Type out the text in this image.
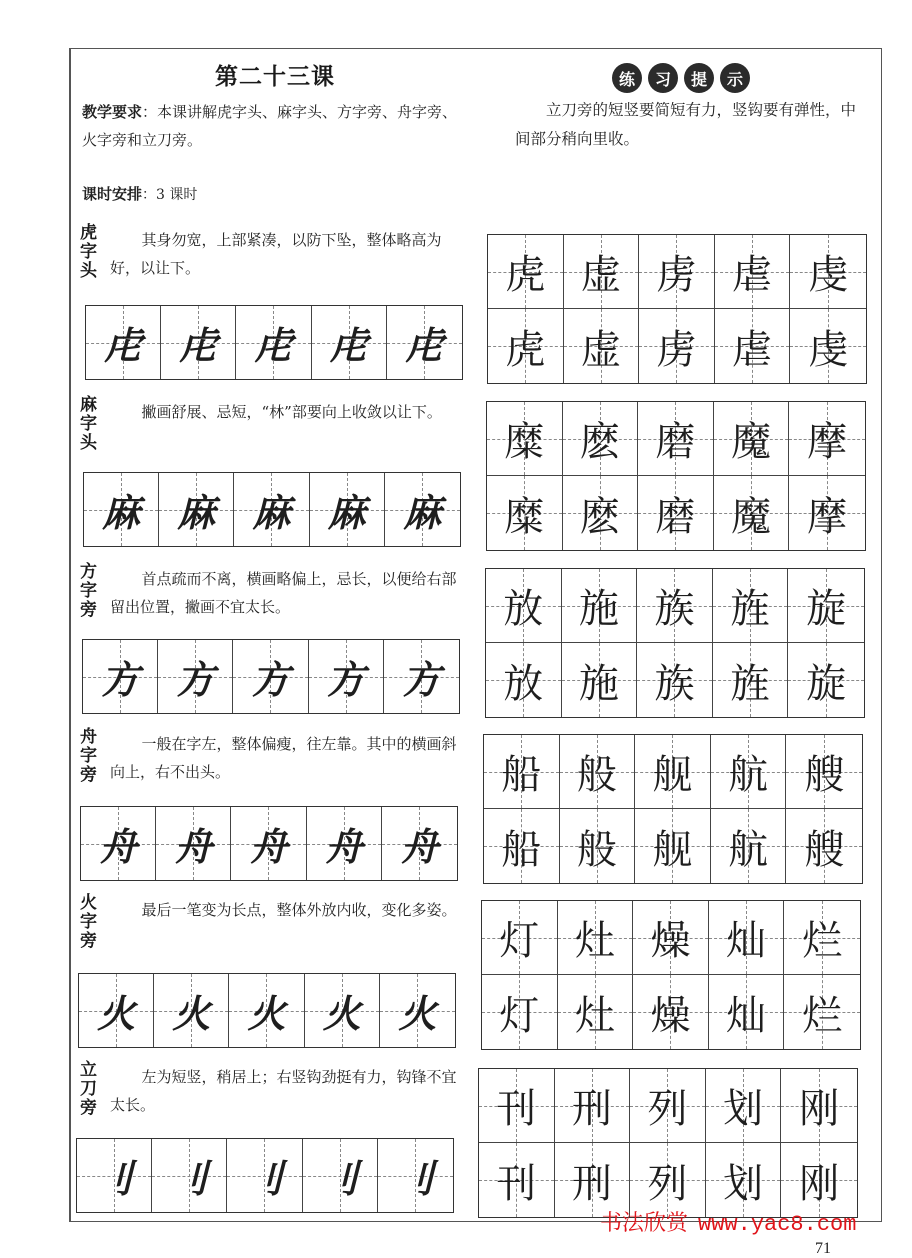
第二十三课
教学要求：本课讲解虎字头、麻字头、方字旁、舟字旁、火字旁和立刀旁。
课时安排：3 课时
练	习	提	示
立刀旁的短竖要简短有力，竖钩要有弹性，中间部分稍向里收。
虎字头
其身勿宽，上部紧凑，以防下坠，整体略高为好，以让下。
虍 虍 虍 虍 虍
虎 虚 虏 虐 虔
虎 虚 虏 虐 虔
麻字头
撇画舒展、忌短，“林”部要向上收敛以让下。
麻 麻 麻 麻 麻
糜 麽 磨 魔 摩
糜 麽 磨 魔 摩
方字旁
首点疏而不离，横画略偏上，忌长，以便给右部留出位置，撇画不宜太长。
方 方 方 方 方
放 施 族 旌 旋
放 施 族 旌 旋
舟字旁
一般在字左，整体偏瘦，往左靠。其中的横画斜向上，右不出头。
舟 舟 舟 舟 舟
船 般 舰 航 艘
船 般 舰 航 艘
火字旁
最后一笔变为长点，整体外放内收，变化多姿。
火 火 火 火 火
灯 灶 燥 灿 烂
灯 灶 燥 灿 烂
立刀旁
左为短竖，稍居上；右竖钩劲挺有力，钩锋不宜太长。
刂 刂 刂 刂 刂
刊 刑 列 划 刚
刊 刑 列 划 刚
书法欣赏 www.yac8.com
71
